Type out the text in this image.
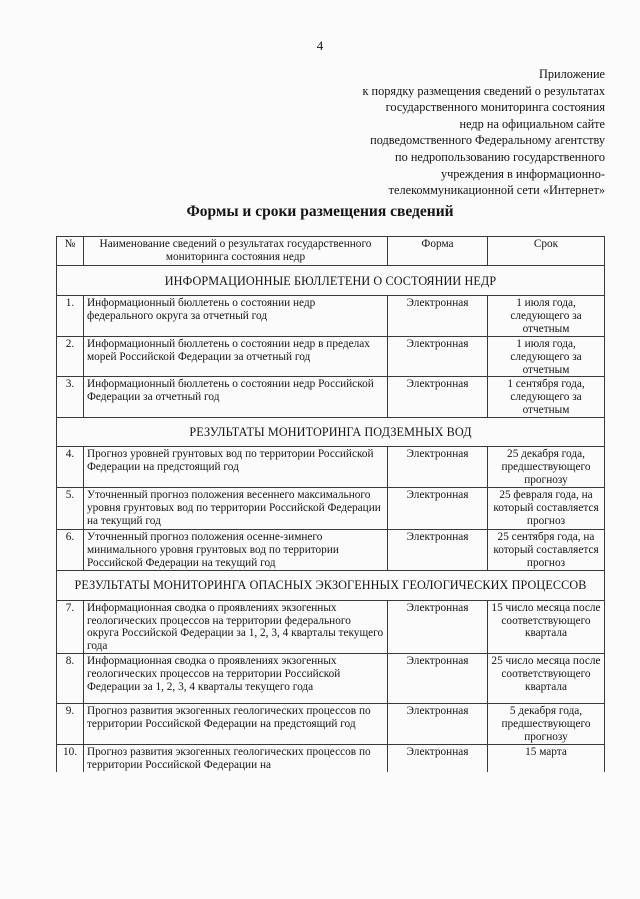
4
Приложение
к порядку размещения сведений о результатах
государственного мониторинга состояния
недр на официальном сайте
подведомственного Федеральному агентству
по недропользованию государственного
учреждения в информационно-
телекоммуникационной сети «Интернет»
Формы и сроки размещения сведений
№	Наименование сведений о результатах государственного мониторинга состояния недр	Форма	Срок
ИНФОРМАЦИОННЫЕ БЮЛЛЕТЕНИ О СОСТОЯНИИ НЕДР			
1.	Информационный бюллетень о состоянии недр федерального округа за отчетный год	Электронная	1 июля года, следующего за отчетным
2.	Информационный бюллетень о состоянии недр в пределах морей Российской Федерации за отчетный год	Электронная	1 июля года, следующего за отчетным
3.	Информационный бюллетень о состоянии недр Российской Федерации за отчетный год	Электронная	1 сентября года, следующего за отчетным
РЕЗУЛЬТАТЫ МОНИТОРИНГА ПОДЗЕМНЫХ ВОД			
4.	Прогноз уровней грунтовых вод по территории Российской Федерации на предстоящий год	Электронная	25 декабря года, предшествующего прогнозу
5.	Уточненный прогноз положения весеннего максимального уровня грунтовых вод по территории Российской Федерации на текущий год	Электронная	25 февраля года, на который составляется прогноз
6.	Уточненный прогноз положения осенне-зимнего минимального уровня грунтовых вод по территории Российской Федерации на текущий год	Электронная	25 сентября года, на который составляется прогноз
РЕЗУЛЬТАТЫ МОНИТОРИНГА ОПАСНЫХ ЭКЗОГЕННЫХ ГЕОЛОГИЧЕСКИХ ПРОЦЕССОВ			
7.	Информационная сводка о проявлениях экзогенных геологических процессов на территории федерального округа Российской Федерации за 1, 2, 3, 4 кварталы текущего года	Электронная	15 число месяца после соответствующего квартала
8.	Информационная сводка о проявлениях экзогенных геологических процессов на территории Российской Федерации за 1, 2, 3, 4 кварталы текущего года	Электронная	25 число месяца после соответствующего квартала
9.	Прогноз развития экзогенных геологических процессов по территории Российской Федерации на предстоящий год	Электронная	5 декабря года, предшествующего прогнозу
10.	Прогноз развития экзогенных геологических процессов по территории Российской Федерации на	Электронная	15 марта
